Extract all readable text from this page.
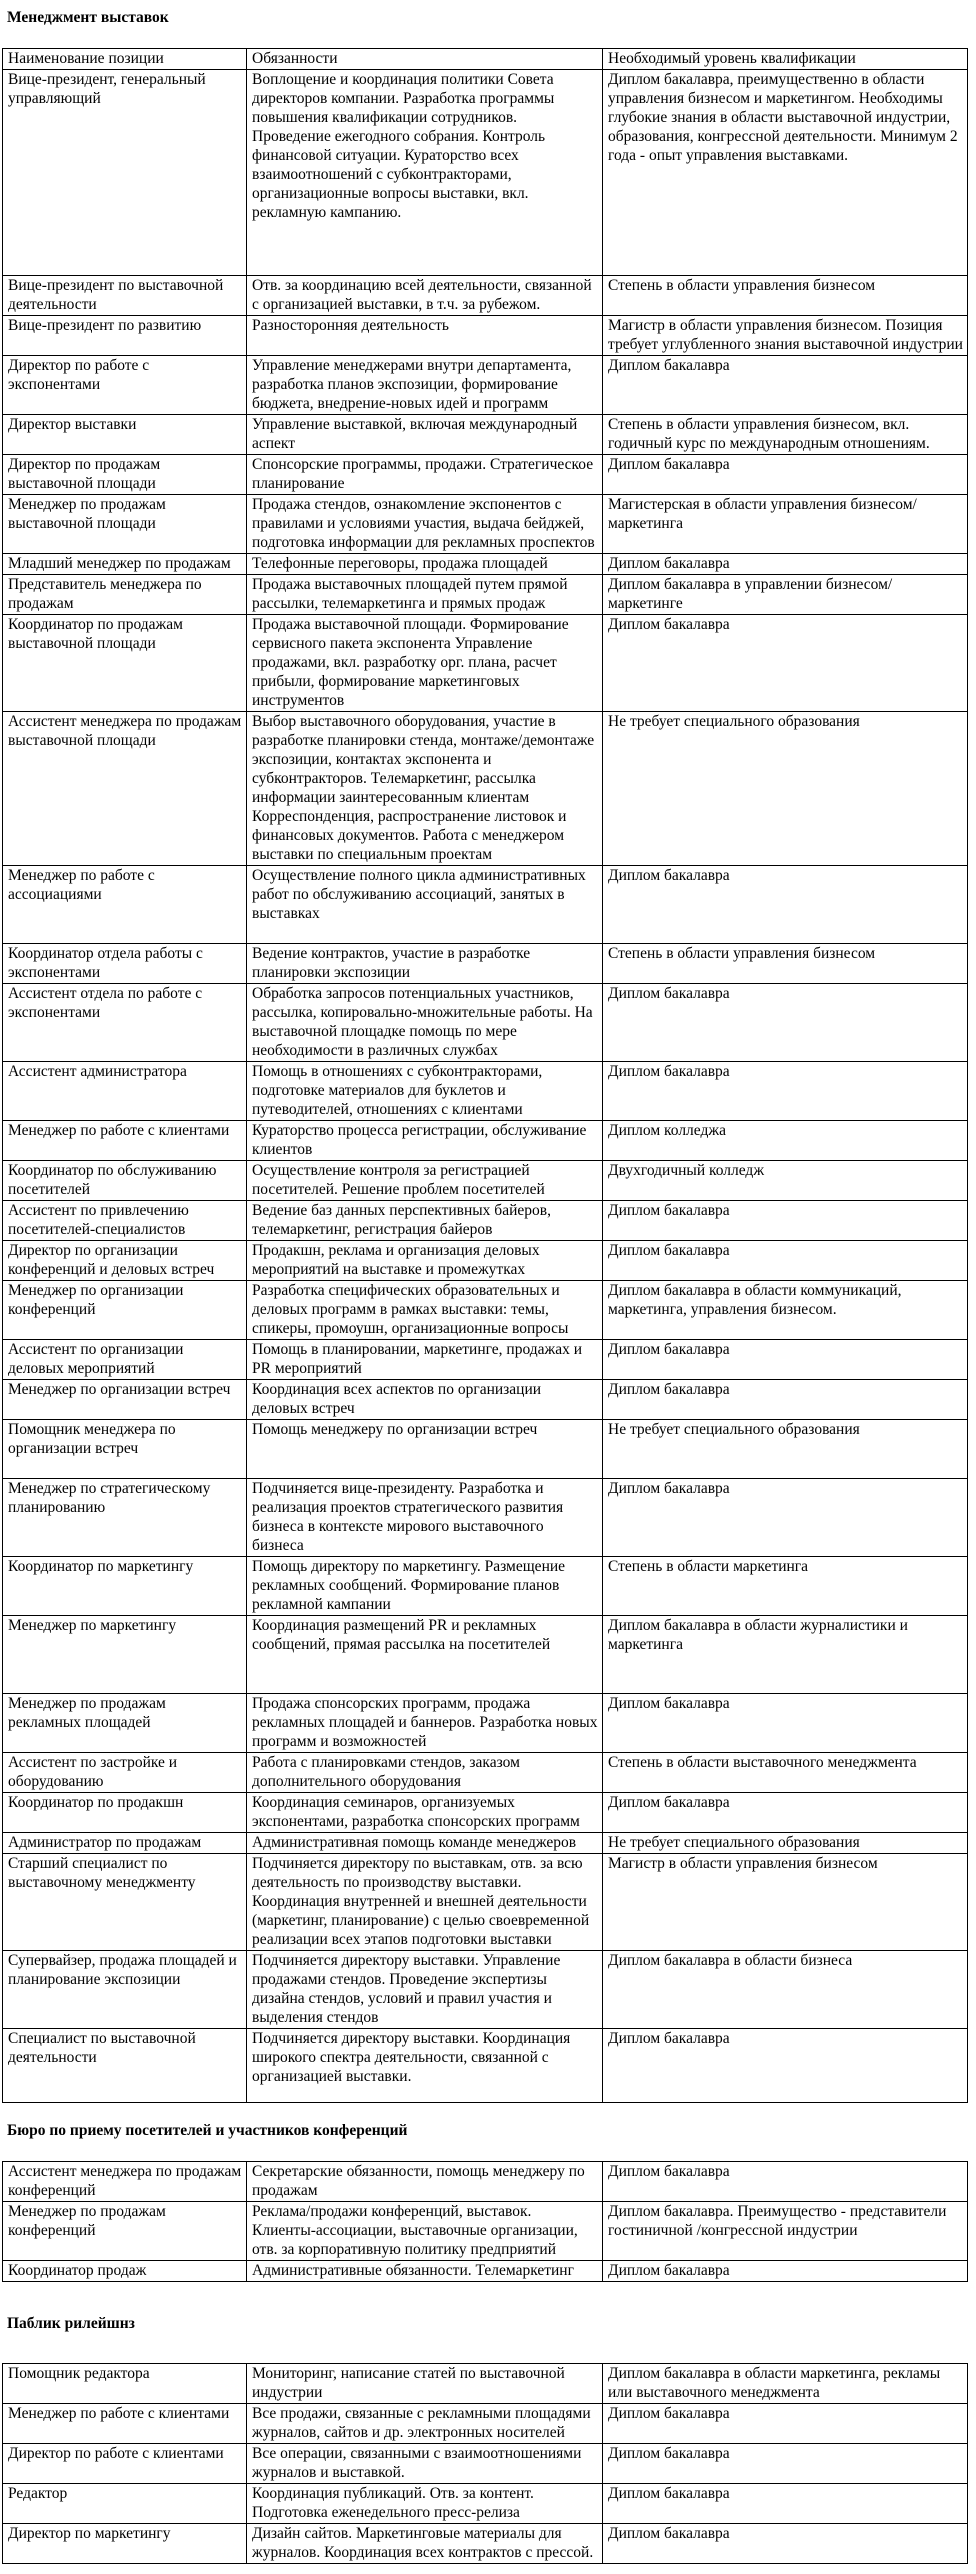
Менеджмент выставок
Наименование позиции	Обязанности	Необходимый уровень квалификации
Вице-президент, генеральный управляющий	Воплощение и координация политики Совета директоров компании. Разработка программы повышения квалификации сотрудников. Проведение ежегодного собрания. Контроль финансовой ситуации. Кураторство всех взаимоотношений с субконтракторами, организационные вопросы выставки, вкл. рекламную кампанию.	Диплом бакалавра, преимущественно в области управления бизнесом и маркетингом. Необходимы глубокие знания в области выставочной индустрии, образования, конгрессной деятельности. Минимум 2 года - опыт управления выставками.
Вице-президент по выставочной деятельности	Отв. за координацию всей деятельности, связанной с организацией выставки, в т.ч. за рубежом.	Степень в области управления бизнесом
Вице-президент по развитию	Разносторонняя деятельность	Магистр в области управления бизнесом. Позиция требует углубленного знания выставочной индустрии
Директор по работе с экспонентами	Управление менеджерами внутри департамента, разработка планов экспозиции, формирование бюджета, внедрение-новых идей и программ	Диплом бакалавра
Директор выставки	Управление выставкой, включая международный аспект	Степень в области управления бизнесом, вкл. годичный курс по международным отношениям.
Директор по продажам выставочной площади	Спонсорские программы, продажи. Стратегическое планирование	Диплом бакалавра
Менеджер по продажам выставочной площади	Продажа стендов, ознакомление экспонентов с правилами и условиями участия, выдача бейджей, подготовка информации для рекламных проспектов	Магистерская в области управления бизнесом/маркетинга
Младший менеджер по продажам	Телефонные переговоры, продажа площадей	Диплом бакалавра
Представитель менеджера по продажам	Продажа выставочных площадей путем прямой рассылки, телемаркетинга и прямых продаж	Диплом бакалавра в управлении бизнесом/маркетинге
Координатор по продажам выставочной площади	Продажа выставочной площади. Формирование сервисного пакета экспонента Управление продажами, вкл. разработку орг. плана, расчет прибыли, формирование маркетинговых инструментов	Диплом бакалавра
Ассистент менеджера по продажам выставочной площади	Выбор выставочного оборудования, участие в разработке планировки стенда, монтаже/демонтаже экспозиции, контактах экспонента и субконтракторов. Телемаркетинг, рассылка информации заинтересованным клиентам Корреспонденция, распространение листовок и финансовых документов. Работа с менеджером выставки по специальным проектам	Не требует специального образования
Менеджер по работе с ассоциациями	Осуществление полного цикла административных работ по обслуживанию ассоциаций, занятых в выставках	Диплом бакалавра
Координатор отдела работы с экспонентами	Ведение контрактов, участие в разработке планировки экспозиции	Степень в области управления бизнесом
Ассистент отдела по работе с экспонентами	Обработка запросов потенциальных участников, рассылка, копировально-множительные работы. На выставочной площадке помощь по мере необходимости в различных службах	Диплом бакалавра
Ассистент администратора	Помощь в отношениях с субконтракторами, подготовке материалов для буклетов и путеводителей, отношениях с клиентами	Диплом бакалавра
Менеджер по работе с клиентами	Кураторство процесса регистрации, обслуживание клиентов	Диплом колледжа
Координатор по обслуживанию посетителей	Осуществление контроля за регистрацией посетителей. Решение проблем посетителей	Двухгодичный колледж
Ассистент по привлечению посетителей-специалистов	Ведение баз данных перспективных байеров, телемаркетинг, регистрация байеров	Диплом бакалавра
Директор по организации конференций и деловых встреч	Продакшн, реклама и организация деловых мероприятий на выставке и промежутках	Диплом бакалавра
Менеджер по организации конференций	Разработка специфических образовательных и деловых программ в рамках выставки: темы, спикеры, промоушн, организационные вопросы	Диплом бакалавра в области коммуникаций, маркетинга, управления бизнесом.
Ассистент по организации деловых мероприятий	Помощь в планировании, маркетинге, продажах и PR мероприятий	Диплом бакалавра
Менеджер по организации встреч	Координация всех аспектов по организации деловых встреч	Диплом бакалавра
Помощник менеджера по организации встреч	Помощь менеджеру по организации встреч	Не требует специального образования
Менеджер по стратегическому планированию	Подчиняется вице-президенту. Разработка и реализация проектов стратегического развития бизнеса в контексте мирового выставочного бизнеса	Диплом бакалавра
Координатор по маркетингу	Помощь директору по маркетингу. Размещение рекламных сообщений. Формирование планов рекламной кампании	Степень в области маркетинга
Менеджер по маркетингу	Координация размещений PR и рекламных сообщений, прямая рассылка на посетителей	Диплом бакалавра в области журналистики и маркетинга
Менеджер по продажам рекламных площадей	Продажа спонсорских программ, продажа рекламных площадей и баннеров. Разработка новых программ и возможностей	Диплом бакалавра
Ассистент по застройке и оборудованию	Работа с планировками стендов, заказом дополнительного оборудования	Степень в области выставочного менеджмента
Координатор по продакшн	Координация семинаров, организуемых экспонентами, разработка спонсорских программ	Диплом бакалавра
Администратор по продажам	Административная помощь команде менеджеров	Не требует специального образования
Старший специалист по выставочному менеджменту	Подчиняется директору по выставкам, отв. за всю деятельность по производству выставки. Координация внутренней и внешней деятельности (маркетинг, планирование) с целью своевременной реализации всех этапов подготовки выставки	Магистр в области управления бизнесом
Супервайзер, продажа площадей и планирование экспозиции	Подчиняется директору выставки. Управление продажами стендов. Проведение экспертизы дизайна стендов, условий и правил участия и выделения стендов	Диплом бакалавра в области бизнеса
Специалист по выставочной деятельности	Подчиняется директору выставки. Координация широкого спектра деятельности, связанной с организацией выставки.	Диплом бакалавра
Бюро по приему посетителей и участников конференций
Ассистент менеджера по продажам конференций	Секретарские обязанности, помощь менеджеру по продажам	Диплом бакалавра
Менеджер по продажам конференций	Реклама/продажи конференций, выставок. Клиенты-ассоциации, выставочные организации, отв. за корпоративную политику предприятий	Диплом бакалавра. Преимущество - представители гостиничной /конгрессной индустрии
Координатор продаж	Административные обязанности. Телемаркетинг	Диплом бакалавра
Паблик рилейшнз
Помощник редактора	Мониторинг, написание статей по выставочной индустрии	Диплом бакалавра в области маркетинга, рекламы или выставочного менеджмента
Менеджер по работе с клиентами	Все продажи, связанные с рекламными площадями журналов, сайтов и др. электронных носителей	Диплом бакалавра
Директор по работе с клиентами	Все операции, связанными с взаимоотношениями журналов и выставкой.	Диплом бакалавра
Редактор	Координация публикаций. Отв. за контент. Подготовка еженедельного пресс-релиза	Диплом бакалавра
Директор по маркетингу	Дизайн сайтов. Маркетинговые материалы для журналов. Координация всех контрактов с прессой.	Диплом бакалавра
